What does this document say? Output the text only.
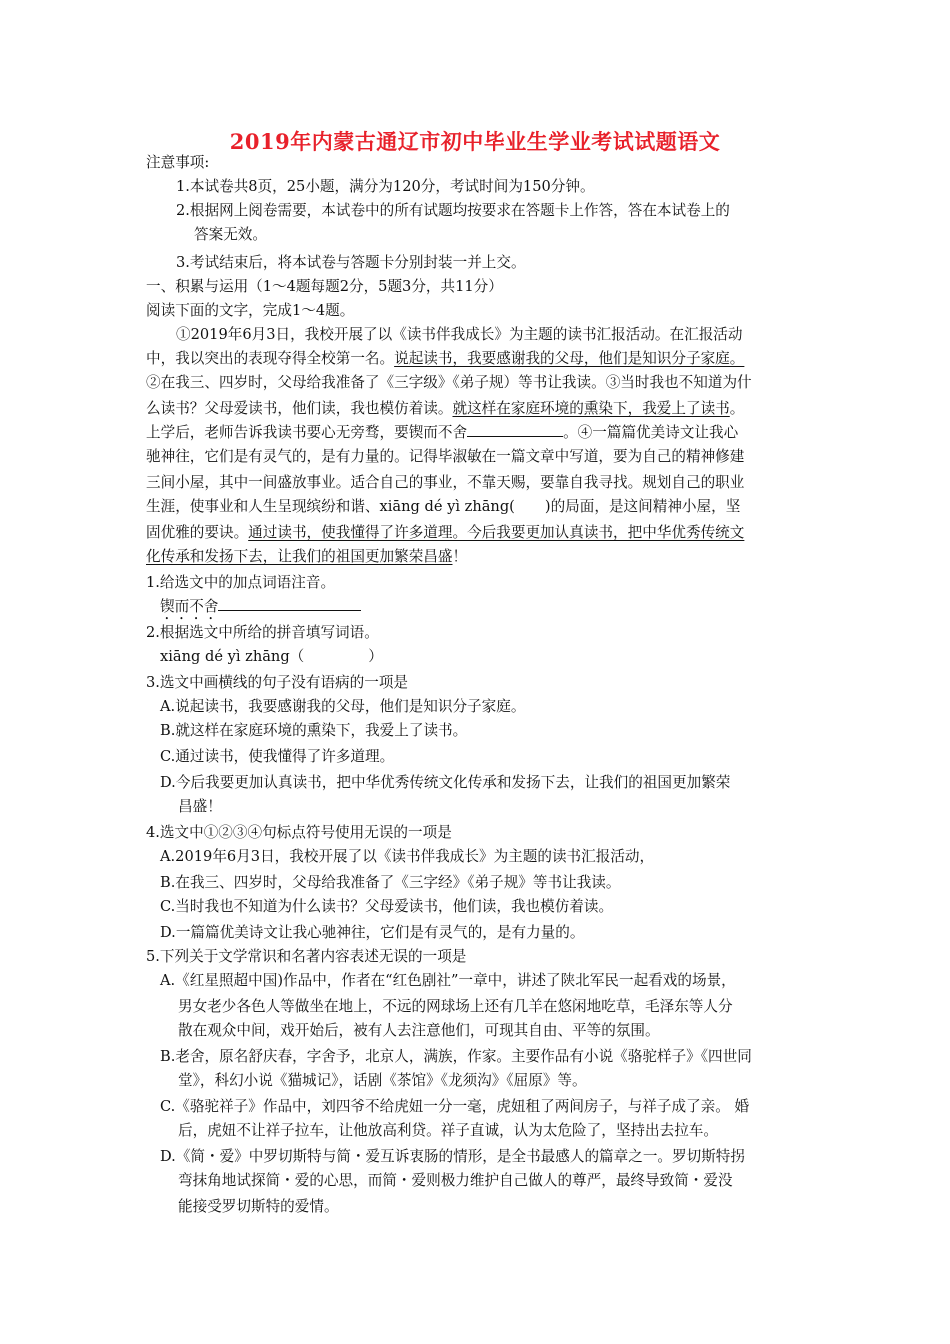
2019年内蒙古通辽市初中毕业生学业考试试题语文
注意事项:
1.本试卷共8页，25小题，满分为120分，考试时间为150分钟。
2.根据网上阅卷需要，本试卷中的所有试题均按要求在答题卡上作答，答在本试卷上的
答案无效。
3.考试结束后，将本试卷与答题卡分别封装一并上交。
一、积累与运用（1～4题每题2分，5题3分，共11分）
阅读下面的文字，完成1～4题。
①2019年6月3日，我校开展了以《读书伴我成长》为主题的读书汇报活动。在汇报活动
中，我以突出的表现夺得全校第一名。说起读书，我要感谢我的父母，他们是知识分子家庭。
②在我三、四岁时，父母给我准备了《三字级》《弟子规）等书让我读。③当时我也不知道为什
么读书？父母爱读书，他们读，我也模仿着读。就这样在家庭环境的熏染下，我爱上了读书。
上学后，老师告诉我读书要心无旁骛，要锲而不舍	。④一篇篇优美诗文让我心
驰神往，它们是有灵气的，是有力量的。记得毕淑敏在一篇文章中写道，要为自己的精神修建
三间小屋，其中一间盛放事业。适合自己的事业，不靠天赐，要靠自我寻找。规划自己的职业
生涯，使事业和人生呈现缤纷和谐、xiāng dé yì zhāng( )的局面，是这间精神小屋，坚
固优雅的要诀。通过读书，使我懂得了许多道理。今后我要更加认真读书，把中华优秀传统文
化传承和发扬下去，让我们的祖国更加繁荣昌盛！
1.给选文中的加点词语注音。
锲而不舍
2.根据选文中所给的拼音填写词语。
xiāng dé yì zhāng（	）
3.选文中画横线的句子没有语病的一项是
A.说起读书，我要感谢我的父母，他们是知识分子家庭。
B.就这样在家庭环境的熏染下，我爱上了读书。
C.通过读书，使我懂得了许多道理。
D.今后我要更加认真读书，把中华优秀传统文化传承和发扬下去，让我们的祖国更加繁荣
昌盛！
4.选文中①②③④句标点符号使用无误的一项是
A.2019年6月3日，我校开展了以《读书伴我成长》为主题的读书汇报活动，
B.在我三、四岁时，父母给我准备了《三字经》《弟子规》等书让我读。
C.当时我也不知道为什么读书？父母爱读书，他们读，我也模仿着读。
D.一篇篇优美诗文让我心驰神往，它们是有灵气的，是有力量的。
5.下列关于文学常识和名著内容表述无误的一项是
A.《红星照超中国)作品中，作者在“红色剧社”一章中，讲述了陕北军民一起看戏的场景，
男女老少各色人等做坐在地上，不远的网球场上还有几羊在悠闲地吃草，毛泽东等人分
散在观众中间，戏开始后，被有人去注意他们，可现其自由、平等的氛围。
B.老舍，原名舒庆春，字舍予，北京人，满族，作家。主要作品有小说《骆驼样子》《四世同
堂》，科幻小说《猫城记》，话剧《茶馆》《龙须沟》《屈原》等。
C.《骆驼祥子》作品中，刘四爷不给虎妞一分一毫，虎妞租了两间房子，与祥子成了亲。 婚
后，虎妞不让祥子拉车，让他放高利贷。祥子直诚，认为太危险了，坚持出去拉车。
D.《简・爱》中罗切斯特与简・爱互诉衷肠的情形，是全书最感人的篇章之一。罗切斯特拐
弯抹角地试探简・爱的心思，而简・爱则极力维护自己做人的尊严，最终导致简・爱没
能接受罗切斯特的爱情。
